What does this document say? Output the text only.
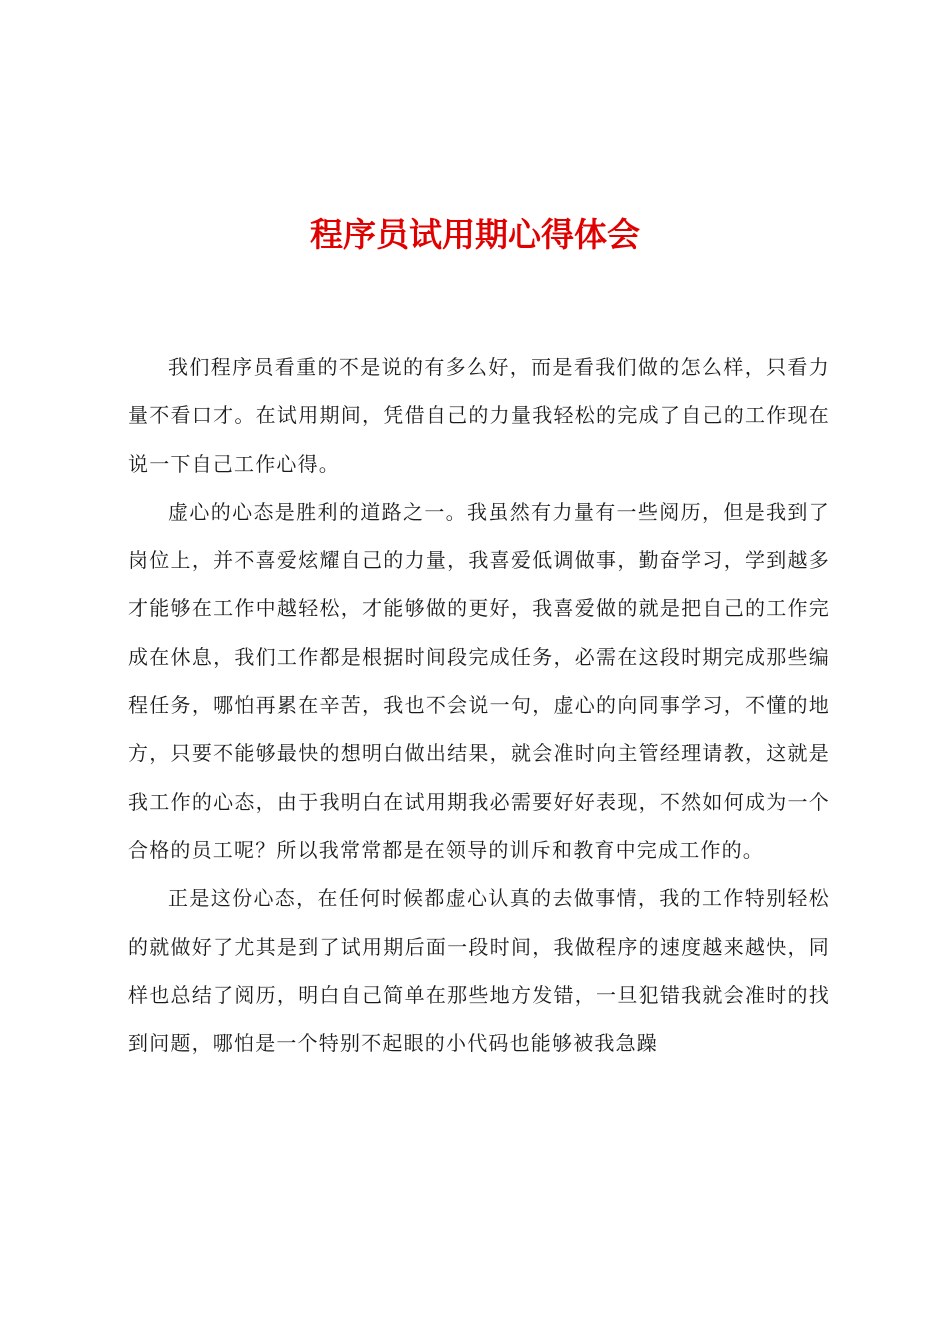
程序员试用期心得体会

我们程序员看重的不是说的有多么好，而是看我们做的怎么样，只看力量不看口才。在试用期间，凭借自己的力量我轻松的完成了自己的工作现在说一下自己工作心得。

虚心的心态是胜利的道路之一。我虽然有力量有一些阅历，但是我到了岗位上，并不喜爱炫耀自己的力量，我喜爱低调做事，勤奋学习，学到越多才能够在工作中越轻松，才能够做的更好，我喜爱做的就是把自己的工作完成在休息，我们工作都是根据时间段完成任务，必需在这段时期完成那些编程任务，哪怕再累在辛苦，我也不会说一句，虚心的向同事学习，不懂的地方，只要不能够最快的想明白做出结果，就会准时向主管经理请教，这就是我工作的心态，由于我明白在试用期我必需要好好表现，不然如何成为一个合格的员工呢？所以我常常都是在领导的训斥和教育中完成工作的。

正是这份心态，在任何时候都虚心认真的去做事情，我的工作特别轻松的就做好了尤其是到了试用期后面一段时间，我做程序的速度越来越快，同样也总结了阅历，明白自己简单在那些地方发错，一旦犯错我就会准时的找到问题，哪怕是一个特别不起眼的小代码也能够被我急躁
